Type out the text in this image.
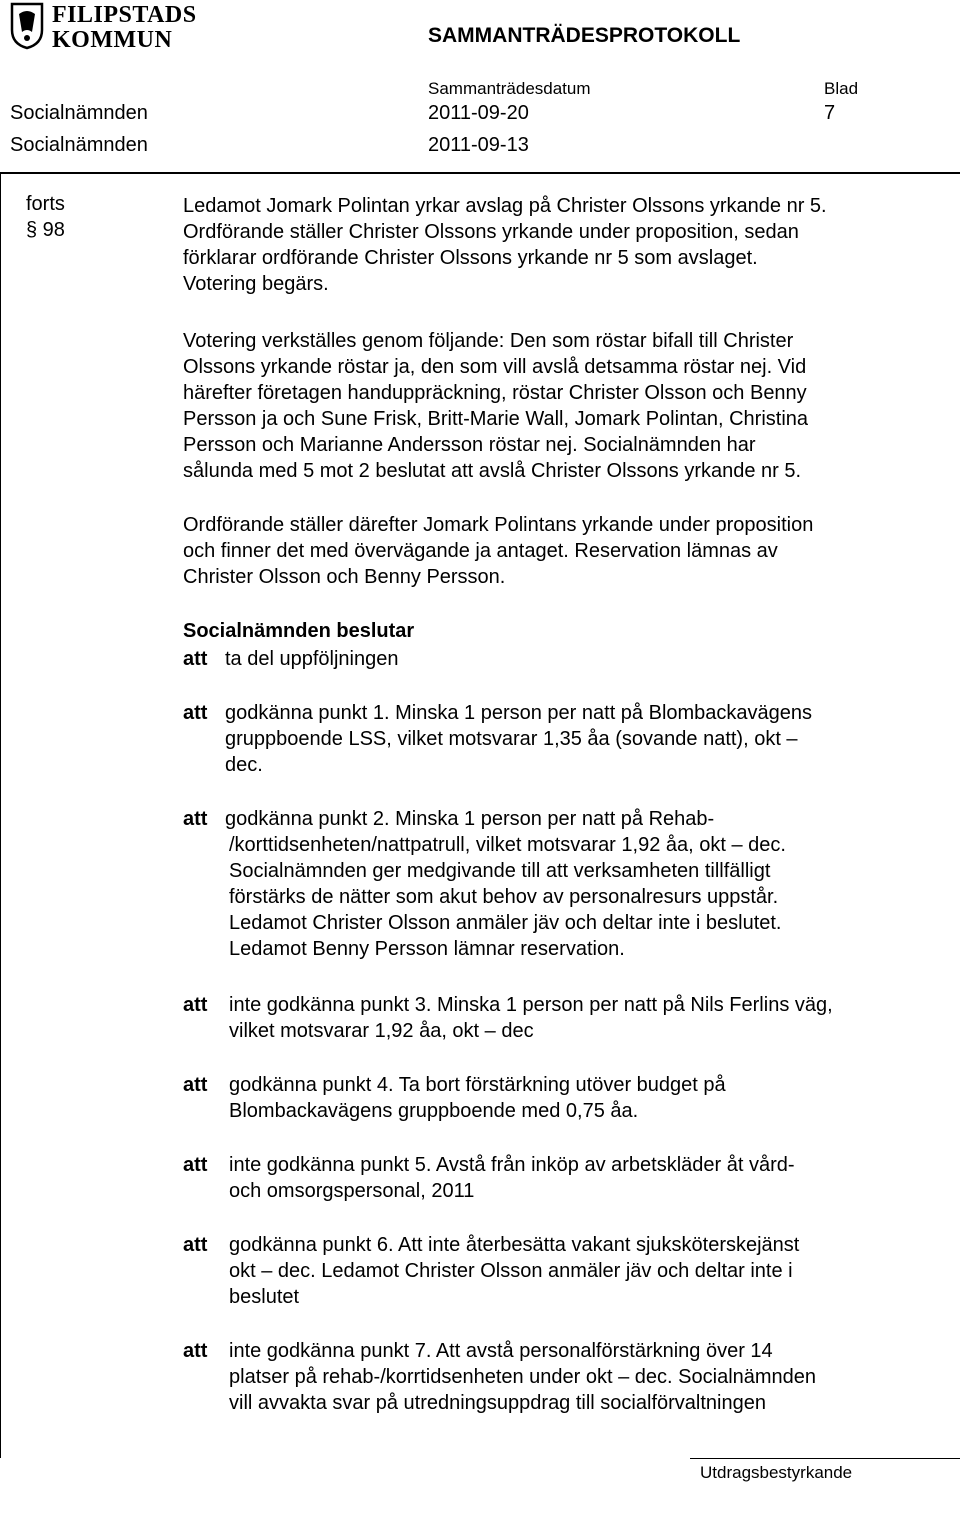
FILIPSTADS
KOMMUN	SAMMANTRÄDESPROTOKOLL
Sammanträdesdatum	Blad
Socialnämnden	2011-09-20	7
Socialnämnden	2011-09-13
forts
§ 98
Ledamot Jomark Polintan yrkar avslag på Christer Olssons yrkande nr 5.
Ordförande ställer Christer Olssons yrkande under proposition, sedan
förklarar ordförande Christer Olssons yrkande nr 5 som avslaget.
Votering begärs.
Votering verkställes genom följande: Den som röstar bifall till Christer
Olssons yrkande röstar ja, den som vill avslå detsamma röstar nej. Vid
härefter företagen handuppräckning, röstar Christer Olsson och Benny
Persson ja och Sune Frisk, Britt-Marie Wall, Jomark Polintan, Christina
Persson och Marianne Andersson röstar nej. Socialnämnden har
sålunda med 5 mot 2 beslutat att avslå Christer Olssons yrkande nr 5.
Ordförande ställer därefter Jomark Polintans yrkande under proposition
och finner det med övervägande ja antaget. Reservation lämnas av
Christer Olsson och Benny Persson.
Socialnämnden beslutar
att ta del uppföljningen
att godkänna punkt 1. Minska 1 person per natt på Blombackavägens
gruppboende LSS, vilket motsvarar 1,35 åa (sovande natt), okt –
dec.
att godkänna punkt 2. Minska 1 person per natt på Rehab-
/korttidsenheten/nattpatrull, vilket motsvarar 1,92 åa, okt – dec.
Socialnämnden ger medgivande till att verksamheten tillfälligt
förstärks de nätter som akut behov av personalresurs uppstår.
Ledamot Christer Olsson anmäler jäv och deltar inte i beslutet.
Ledamot Benny Persson lämnar reservation.
att inte godkänna punkt 3. Minska 1 person per natt på Nils Ferlins väg,
vilket motsvarar 1,92 åa, okt – dec
att godkänna punkt 4. Ta bort förstärkning utöver budget på
Blombackavägens gruppboende med 0,75 åa.
att inte godkänna punkt 5. Avstå från inköp av arbetskläder åt vård-
och omsorgspersonal, 2011
att godkänna punkt 6. Att inte återbesätta vakant sjuksköterskejänst
okt – dec. Ledamot Christer Olsson anmäler jäv och deltar inte i
beslutet
att inte godkänna punkt 7. Att avstå personalförstärkning över 14
platser på rehab-/korrtidsenheten under okt – dec. Socialnämnden
vill avvakta svar på utredningsuppdrag till socialförvaltningen
Utdragsbestyrkande
